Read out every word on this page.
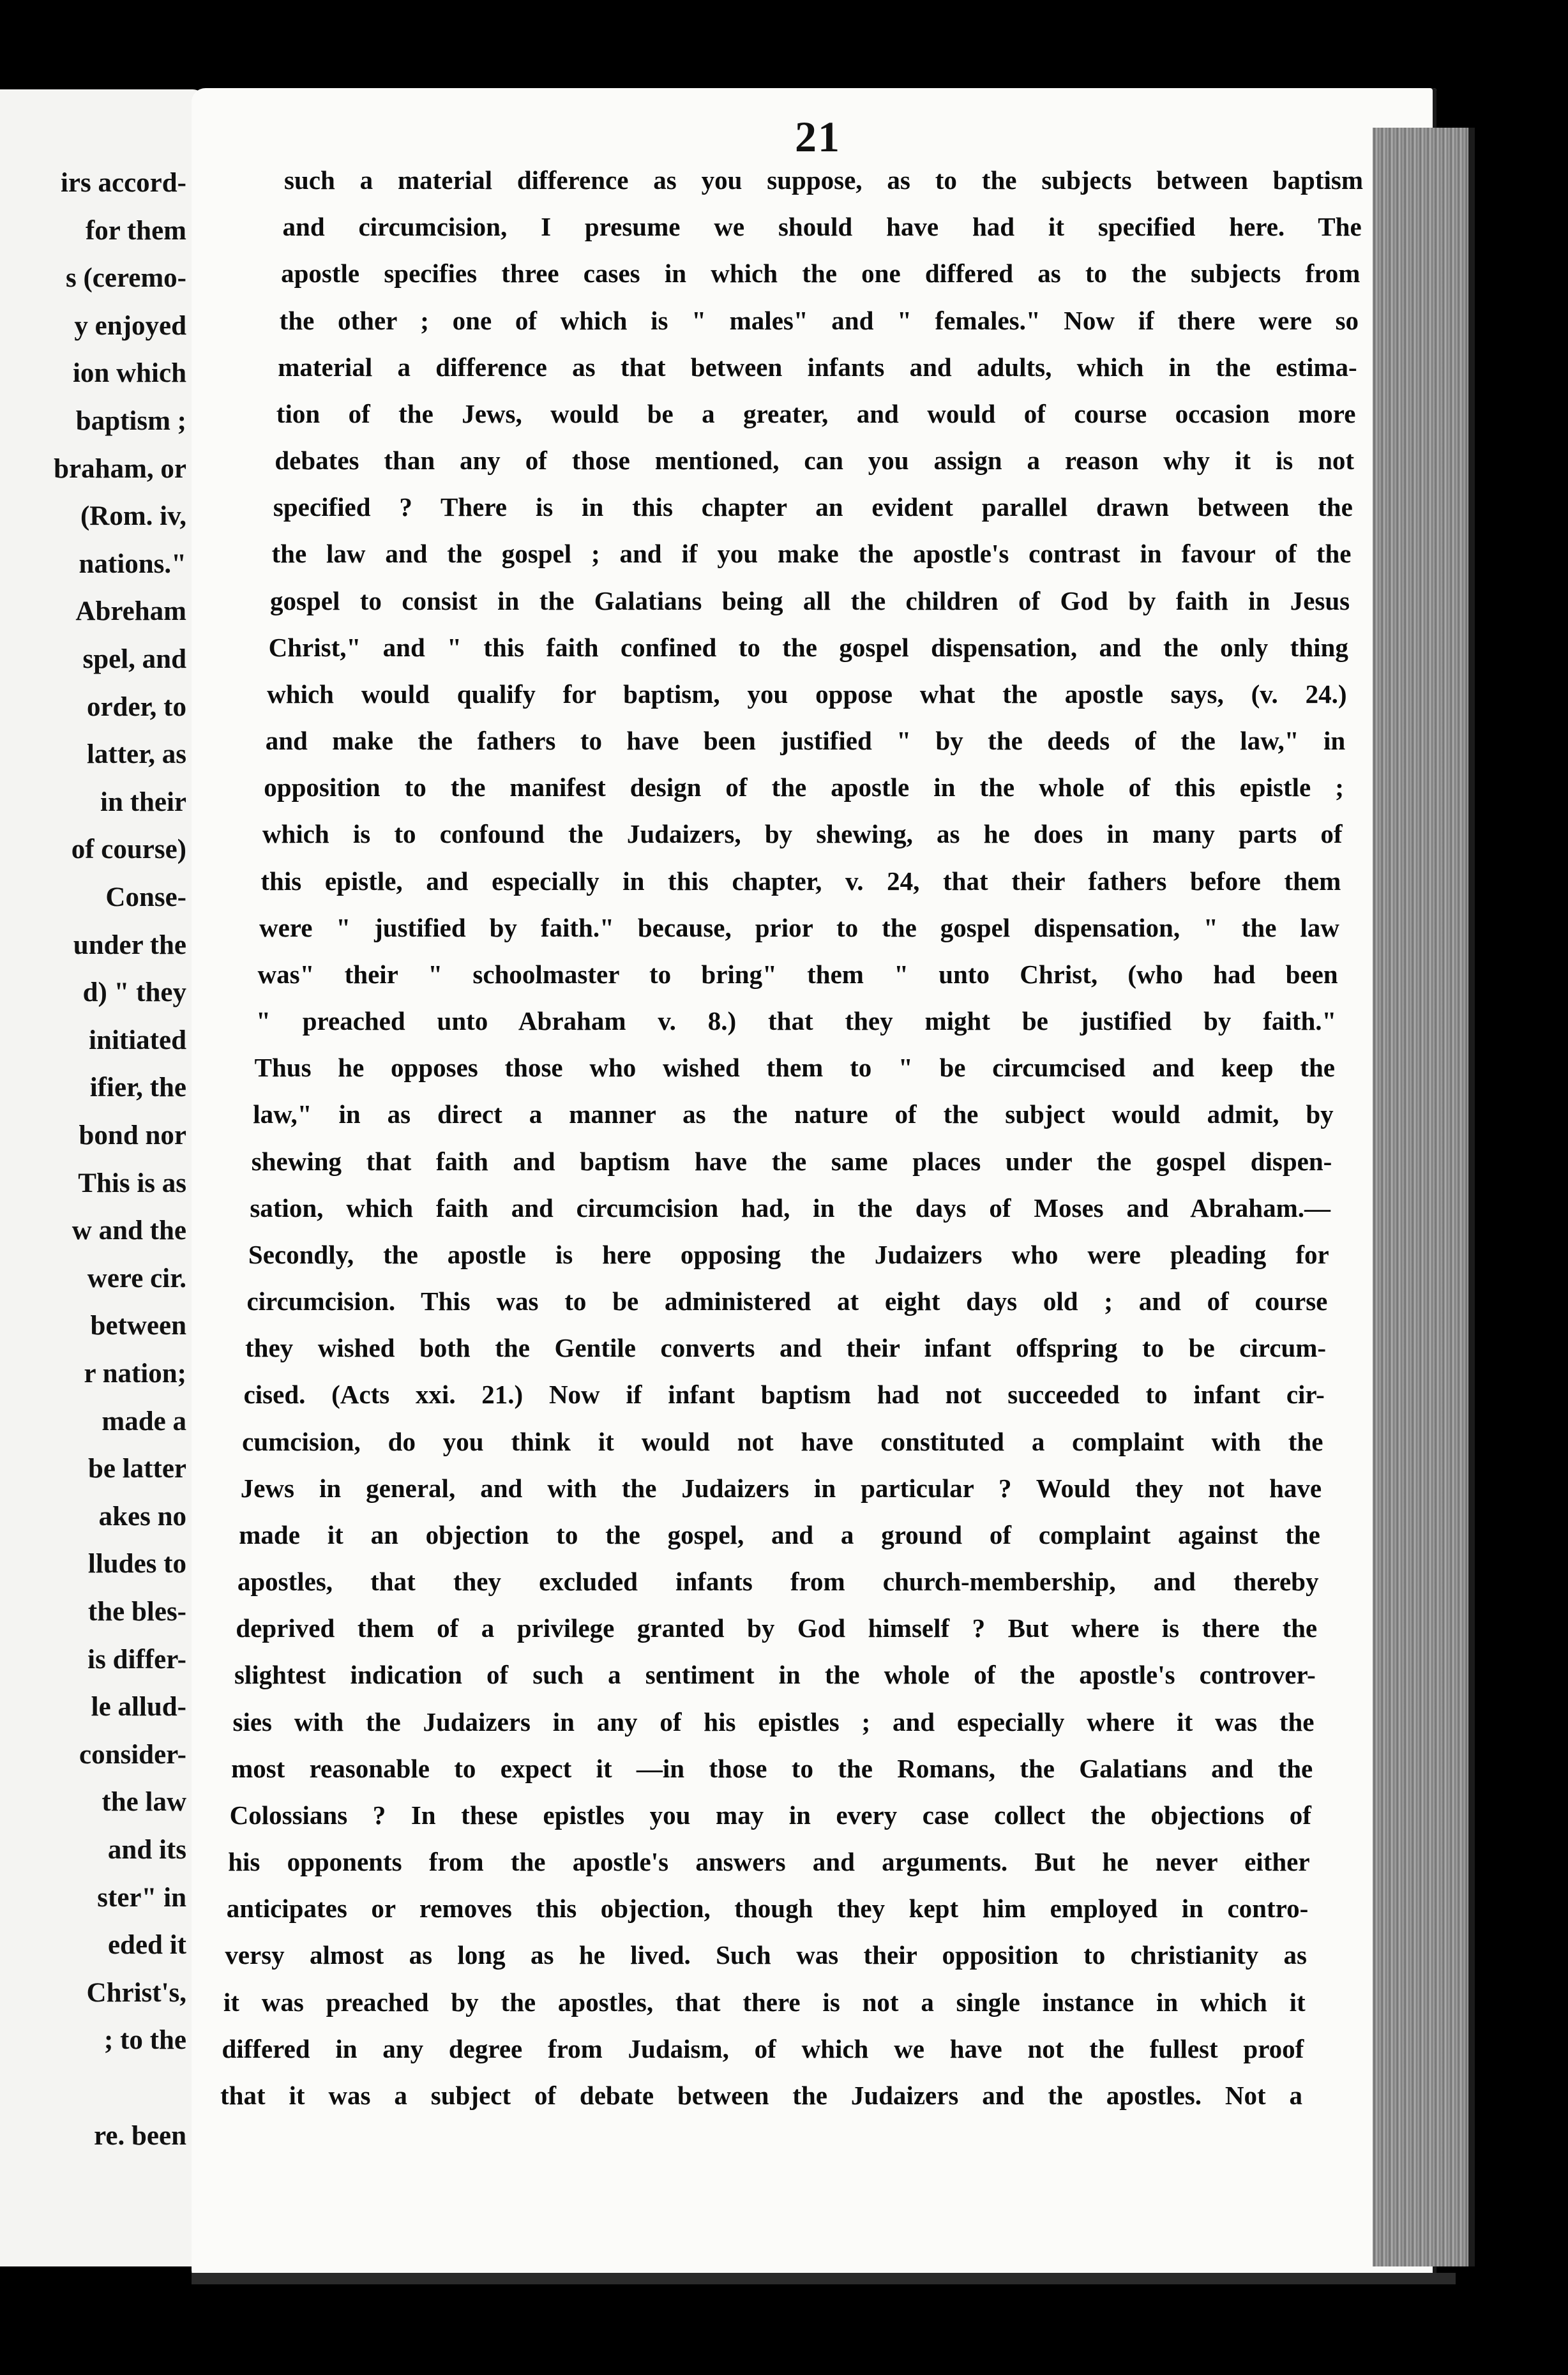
irs accord-
for them
s (ceremo-
y enjoyed
ion which
baptism ;
braham, or
(Rom. iv,
nations."
Abreham
spel, and
order, to
latter, as
in their
of course)
Conse-
under the
d) " they
initiated
ifier, the
bond nor
This is as
w and the
were cir.
between
r nation;
made a
be latter
akes no
lludes to
the bles-
is differ-
le allud-
consider-
the law
and its
ster" in
eded it
Christ's,
; to the
re. been
21
such a material difference as you suppose, as to the subjects between baptism
and circumcision, I presume we should have had it specified here. The
apostle specifies three cases in which the one differed as to the subjects from
the other ; one of which is " males" and " females." Now if there were so
material a difference as that between infants and adults, which in the estima-
tion of the Jews, would be a greater, and would of course occasion more
debates than any of those mentioned, can you assign a reason why it is not
specified ? There is in this chapter an evident parallel drawn between the
the law and the gospel ; and if you make the apostle's contrast in favour of the
gospel to consist in the Galatians being all the children of God by faith in Jesus
Christ," and " this faith confined to the gospel dispensation, and the only thing
which would qualify for baptism, you oppose what the apostle says, (v. 24.)
and make the fathers to have been justified " by the deeds of the law," in
opposition to the manifest design of the apostle in the whole of this epistle ;
which is to confound the Judaizers, by shewing, as he does in many parts of
this epistle, and especially in this chapter, v. 24, that their fathers before them
were " justified by faith." because, prior to the gospel dispensation, " the law
was" their " schoolmaster to bring" them " unto Christ, (who had been
" preached unto Abraham v. 8.) that they might be justified by faith."
Thus he opposes those who wished them to " be circumcised and keep the
law," in as direct a manner as the nature of the subject would admit, by
shewing that faith and baptism have the same places under the gospel dispen-
sation, which faith and circumcision had, in the days of Moses and Abraham.—
Secondly, the apostle is here opposing the Judaizers who were pleading for
circumcision. This was to be administered at eight days old ; and of course
they wished both the Gentile converts and their infant offspring to be circum-
cised. (Acts xxi. 21.) Now if infant baptism had not succeeded to infant cir-
cumcision, do you think it would not have constituted a complaint with the
Jews in general, and with the Judaizers in particular ? Would they not have
made it an objection to the gospel, and a ground of complaint against the
apostles, that they excluded infants from church-membership, and thereby
deprived them of a privilege granted by God himself ? But where is there the
slightest indication of such a sentiment in the whole of the apostle's controver-
sies with the Judaizers in any of his epistles ; and especially where it was the
most reasonable to expect it —in those to the Romans, the Galatians and the
Colossians ? In these epistles you may in every case collect the objections of
his opponents from the apostle's answers and arguments. But he never either
anticipates or removes this objection, though they kept him employed in contro-
versy almost as long as he lived. Such was their opposition to christianity as
it was preached by the apostles, that there is not a single instance in which it
differed in any degree from Judaism, of which we have not the fullest proof
that it was a subject of debate between the Judaizers and the apostles. Not a
